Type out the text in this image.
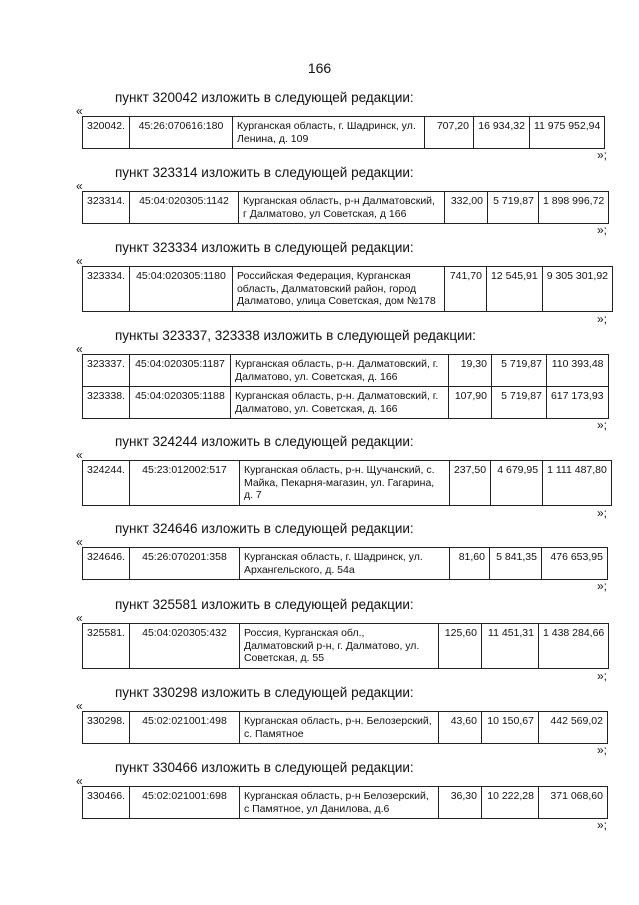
166
пункт 320042 изложить в следующей редакции:
«
320042.	45:26:070616:180	Курганская область, г. Шадринск, ул. Ленина, д. 109	707,20	16 934,32	11 975 952,94
»;
пункт 323314 изложить в следующей редакции:
«
323314.	45:04:020305:1142	Курганская область, р-н Далматовский, г Далматово, ул Советская, д 166	332,00	5 719,87	1 898 996,72
»;
пункт 323334 изложить в следующей редакции:
«
323334.	45:04:020305:1180	Российская Федерация, Курганская область, Далматовский район, город Далматово, улица Советская, дом №178	741,70	12 545,91	9 305 301,92
»;
пункты 323337, 323338 изложить в следующей редакции:
«
323337.	45:04:020305:1187	Курганская область, р-н. Далматовский, г. Далматово, ул. Советская, д. 166	19,30	5 719,87	110 393,48
323338.	45:04:020305:1188	Курганская область, р-н. Далматовский, г. Далматово, ул. Советская, д. 166	107,90	5 719,87	617 173,93
»;
пункт 324244 изложить в следующей редакции:
«
324244.	45:23:012002:517	Курганская область, р-н. Щучанский, с. Майка, Пекарня-магазин, ул. Гагарина, д. 7	237,50	4 679,95	1 111 487,80
»;
пункт 324646 изложить в следующей редакции:
«
324646.	45:26:070201:358	Курганская область, г. Шадринск, ул. Архангельского, д. 54а	81,60	5 841,35	476 653,95
»;
пункт 325581 изложить в следующей редакции:
«
325581.	45:04:020305:432	Россия, Курганская обл., Далматовский р-н, г. Далматово, ул. Советская, д. 55	125,60	11 451,31	1 438 284,66
»;
пункт 330298 изложить в следующей редакции:
«
330298.	45:02:021001:498	Курганская область, р-н. Белозерский, с. Памятное	43,60	10 150,67	442 569,02
»;
пункт 330466 изложить в следующей редакции:
«
330466.	45:02:021001:698	Курганская область, р-н Белозерский, с Памятное, ул Данилова, д.6	36,30	10 222,28	371 068,60
»;
